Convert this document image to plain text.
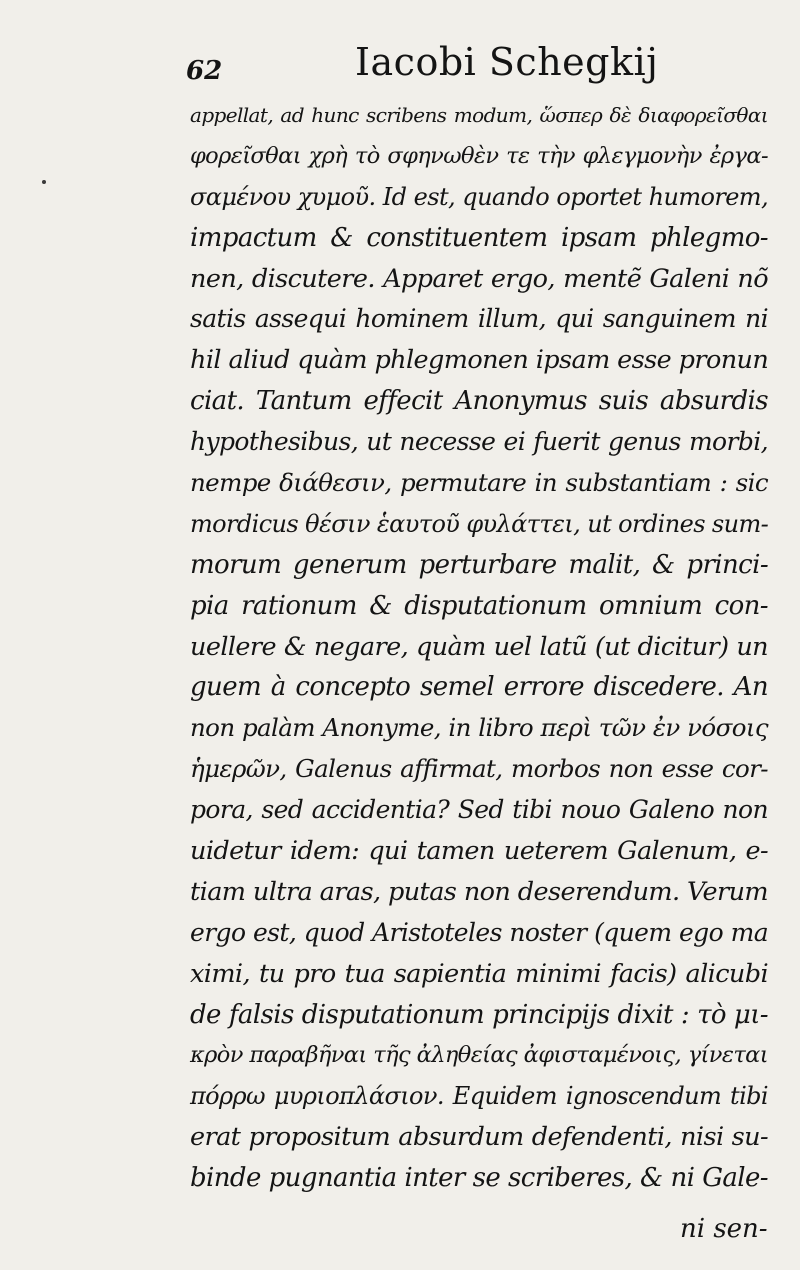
62	Iacobi Schegkij
appellat, ad hunc scribens modum, ὥσπερ δὲ διαφορεῖσθαι
φορεῖσθαι χρὴ τὸ σφηνωθὲν τε τὴν φλεγμονὴν ἐργα-
σαμένου χυμοῦ. Id est, quando oportet humorem,
impactum & constituentem ipsam phlegmo-
nen, discutere. Apparet ergo, mentẽ Galeni nõ
satis assequi hominem illum, qui sanguinem ni
hil aliud quàm phlegmonen ipsam esse pronun
ciat. Tantum effecit Anonymus suis absurdis
hypothesibus, ut necesse ei fuerit genus morbi,
nempe διάθεσιν, permutare in substantiam : sic
mordicus θέσιν ἑαυτοῦ φυλάττει, ut ordines sum-
morum generum perturbare malit, & princi-
pia rationum & disputationum omnium con-
uellere & negare, quàm uel latũ (ut dicitur) un
guem à concepto semel errore discedere. An
non palàm Anonyme, in libro περὶ τῶν ἐν νόσοις
ἡμερῶν, Galenus affirmat, morbos non esse cor-
pora, sed accidentia? Sed tibi nouo Galeno non
uidetur idem: qui tamen ueterem Galenum, e-
tiam ultra aras, putas non deserendum. Verum
ergo est, quod Aristoteles noster (quem ego ma
ximi, tu pro tua sapientia minimi facis) alicubi
de falsis disputationum principijs dixit : τὸ μι-
κρὸν παραβῆναι τῆς ἀληθείας ἀφισταμένοις, γίνεται
πόρρω μυριοπλάσιον. Equidem ignoscendum tibi
erat propositum absurdum defendenti, nisi su-
binde pugnantia inter se scriberes, & ni Gale-
ni sen-
